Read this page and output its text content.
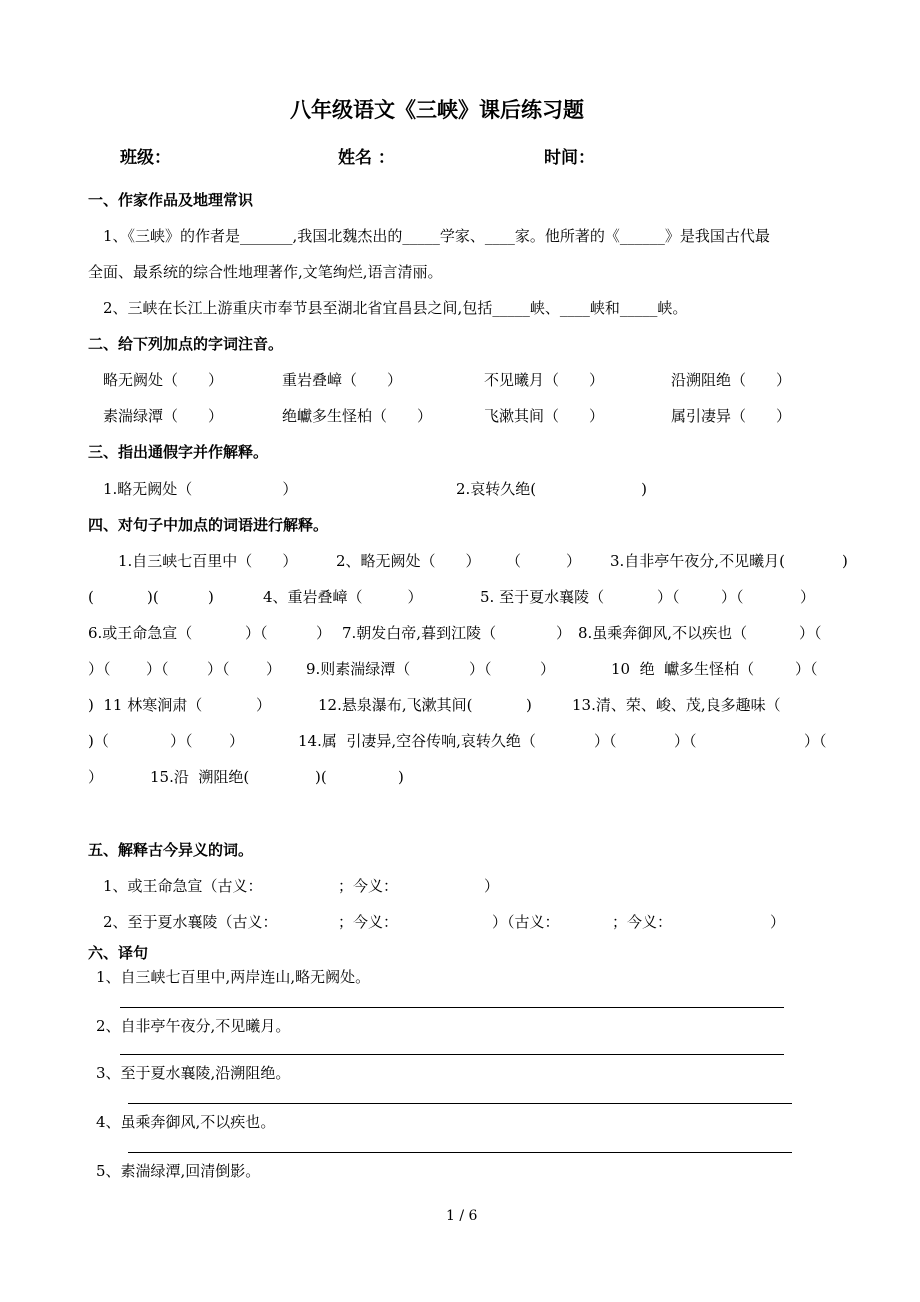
八年级语文《三峡》课后练习题
班级：	姓名 ：	时间：
一、作家作品及地理常识
1、《三峡》的作者是_______,我国北魏杰出的_____学家、____家。他所著的《______》是我国古代最
全面、最系统的综合性地理著作,文笔绚烂,语言清丽。
2、三峡在长江上游重庆市奉节县至湖北省宜昌县之间,包括_____峡、____峡和_____峡。
二、给下列加点的字词注音。
略无阙处（　　）	重岩叠嶂（　　）	不见曦月（　　）	沿溯阻绝（　　）
素湍绿潭（　　）	绝巘多生怪柏（　　）	飞漱其间（　　）	属引凄异（　　）
三、指出通假字并作解释。
1.略无阙处（　　　　　　）	2.哀转久绝(　　　　　　　)
四、对句子中加点的词语进行解释。
1.自三峡七百里中（　　）	2、略无阙处（　　） （　　　） 3.自非亭午夜分,不见曦月(	)
(	)(	)	4、重岩叠嶂（　　　）	5. 至于夏水襄陵（	）（	）（	）
6.或王命急宣（	）（	） 7.朝发白帝,暮到江陵（	） 8.虽乘奔御风,不以疾也（	）（
）（ ）（	）（ ） 9.则素湍绿潭（	）（	）	10  绝  巘多生怪柏（	）（
)  11 林寒涧肃（	）	12.悬泉瀑布,飞漱其间(	)	13.清、荣、峻、茂,良多趣味（
)（	）（ ）	14.属  引凄异,空谷传响,哀转久绝（	）（	）（	）（
）	15.沿  溯阻绝(	)(	)
五、解释古今异义的词。
1、或王命急宣（古义：	；今义：	）
2、至于夏水襄陵（古义：	；今义：	）（古义：	；今义：	）
六、译句
1、自三峡七百里中,两岸连山,略无阙处。
2、自非亭午夜分,不见曦月。
3、至于夏水襄陵,沿溯阻绝。
4、虽乘奔御风,不以疾也。
5、素湍绿潭,回清倒影。
1 / 6
